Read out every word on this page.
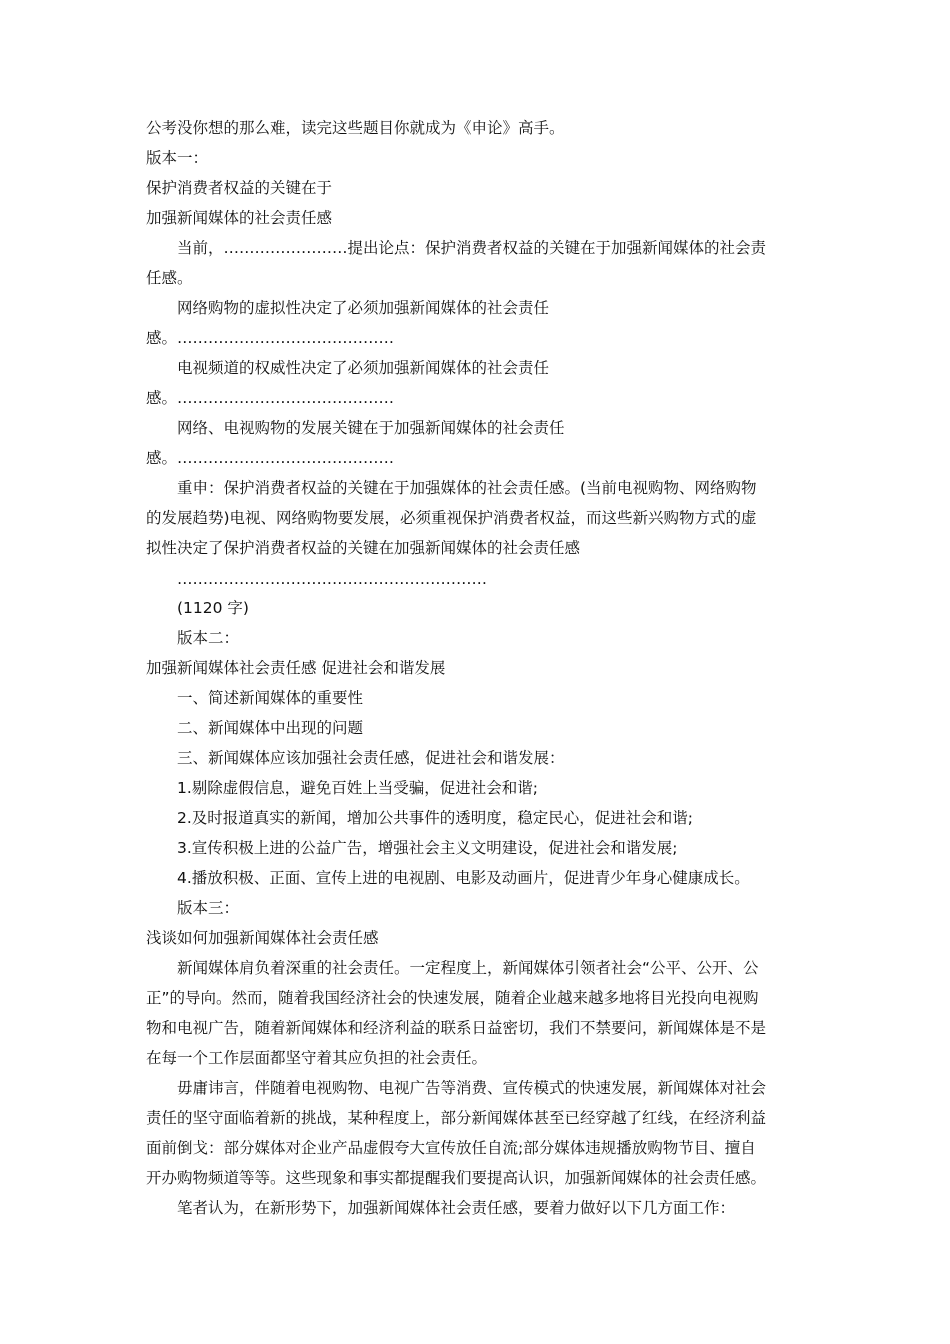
公考没你想的那么难，读完这些题目你就成为《申论》高手。
版本一：
保护消费者权益的关键在于
加强新闻媒体的社会责任感
当前，……………………提出论点：保护消费者权益的关键在于加强新闻媒体的社会责
任感。
网络购物的虚拟性决定了必须加强新闻媒体的社会责任
感。……………………………………
电视频道的权威性决定了必须加强新闻媒体的社会责任
感。……………………………………
网络、电视购物的发展关键在于加强新闻媒体的社会责任
感。……………………………………
重申：保护消费者权益的关键在于加强媒体的社会责任感。(当前电视购物、网络购物
的发展趋势)电视、网络购物要发展，必须重视保护消费者权益，而这些新兴购物方式的虚
拟性决定了保护消费者权益的关键在加强新闻媒体的社会责任感
……………………………………………………
(1120 字)
版本二：
加强新闻媒体社会责任感 促进社会和谐发展
一、简述新闻媒体的重要性
二、新闻媒体中出现的问题
三、新闻媒体应该加强社会责任感，促进社会和谐发展：
1.剔除虚假信息，避免百姓上当受骗，促进社会和谐;
2.及时报道真实的新闻，增加公共事件的透明度，稳定民心，促进社会和谐;
3.宣传积极上进的公益广告，增强社会主义文明建设，促进社会和谐发展;
4.播放积极、正面、宣传上进的电视剧、电影及动画片，促进青少年身心健康成长。
版本三：
浅谈如何加强新闻媒体社会责任感
新闻媒体肩负着深重的社会责任。一定程度上，新闻媒体引领者社会“公平、公开、公
正”的导向。然而，随着我国经济社会的快速发展，随着企业越来越多地将目光投向电视购
物和电视广告，随着新闻媒体和经济利益的联系日益密切，我们不禁要问，新闻媒体是不是
在每一个工作层面都坚守着其应负担的社会责任。
毋庸讳言，伴随着电视购物、电视广告等消费、宣传模式的快速发展，新闻媒体对社会
责任的坚守面临着新的挑战，某种程度上，部分新闻媒体甚至已经穿越了红线，在经济利益
面前倒戈：部分媒体对企业产品虚假夸大宣传放任自流;部分媒体违规播放购物节目、擅自
开办购物频道等等。这些现象和事实都提醒我们要提高认识，加强新闻媒体的社会责任感。
笔者认为，在新形势下，加强新闻媒体社会责任感，要着力做好以下几方面工作：
